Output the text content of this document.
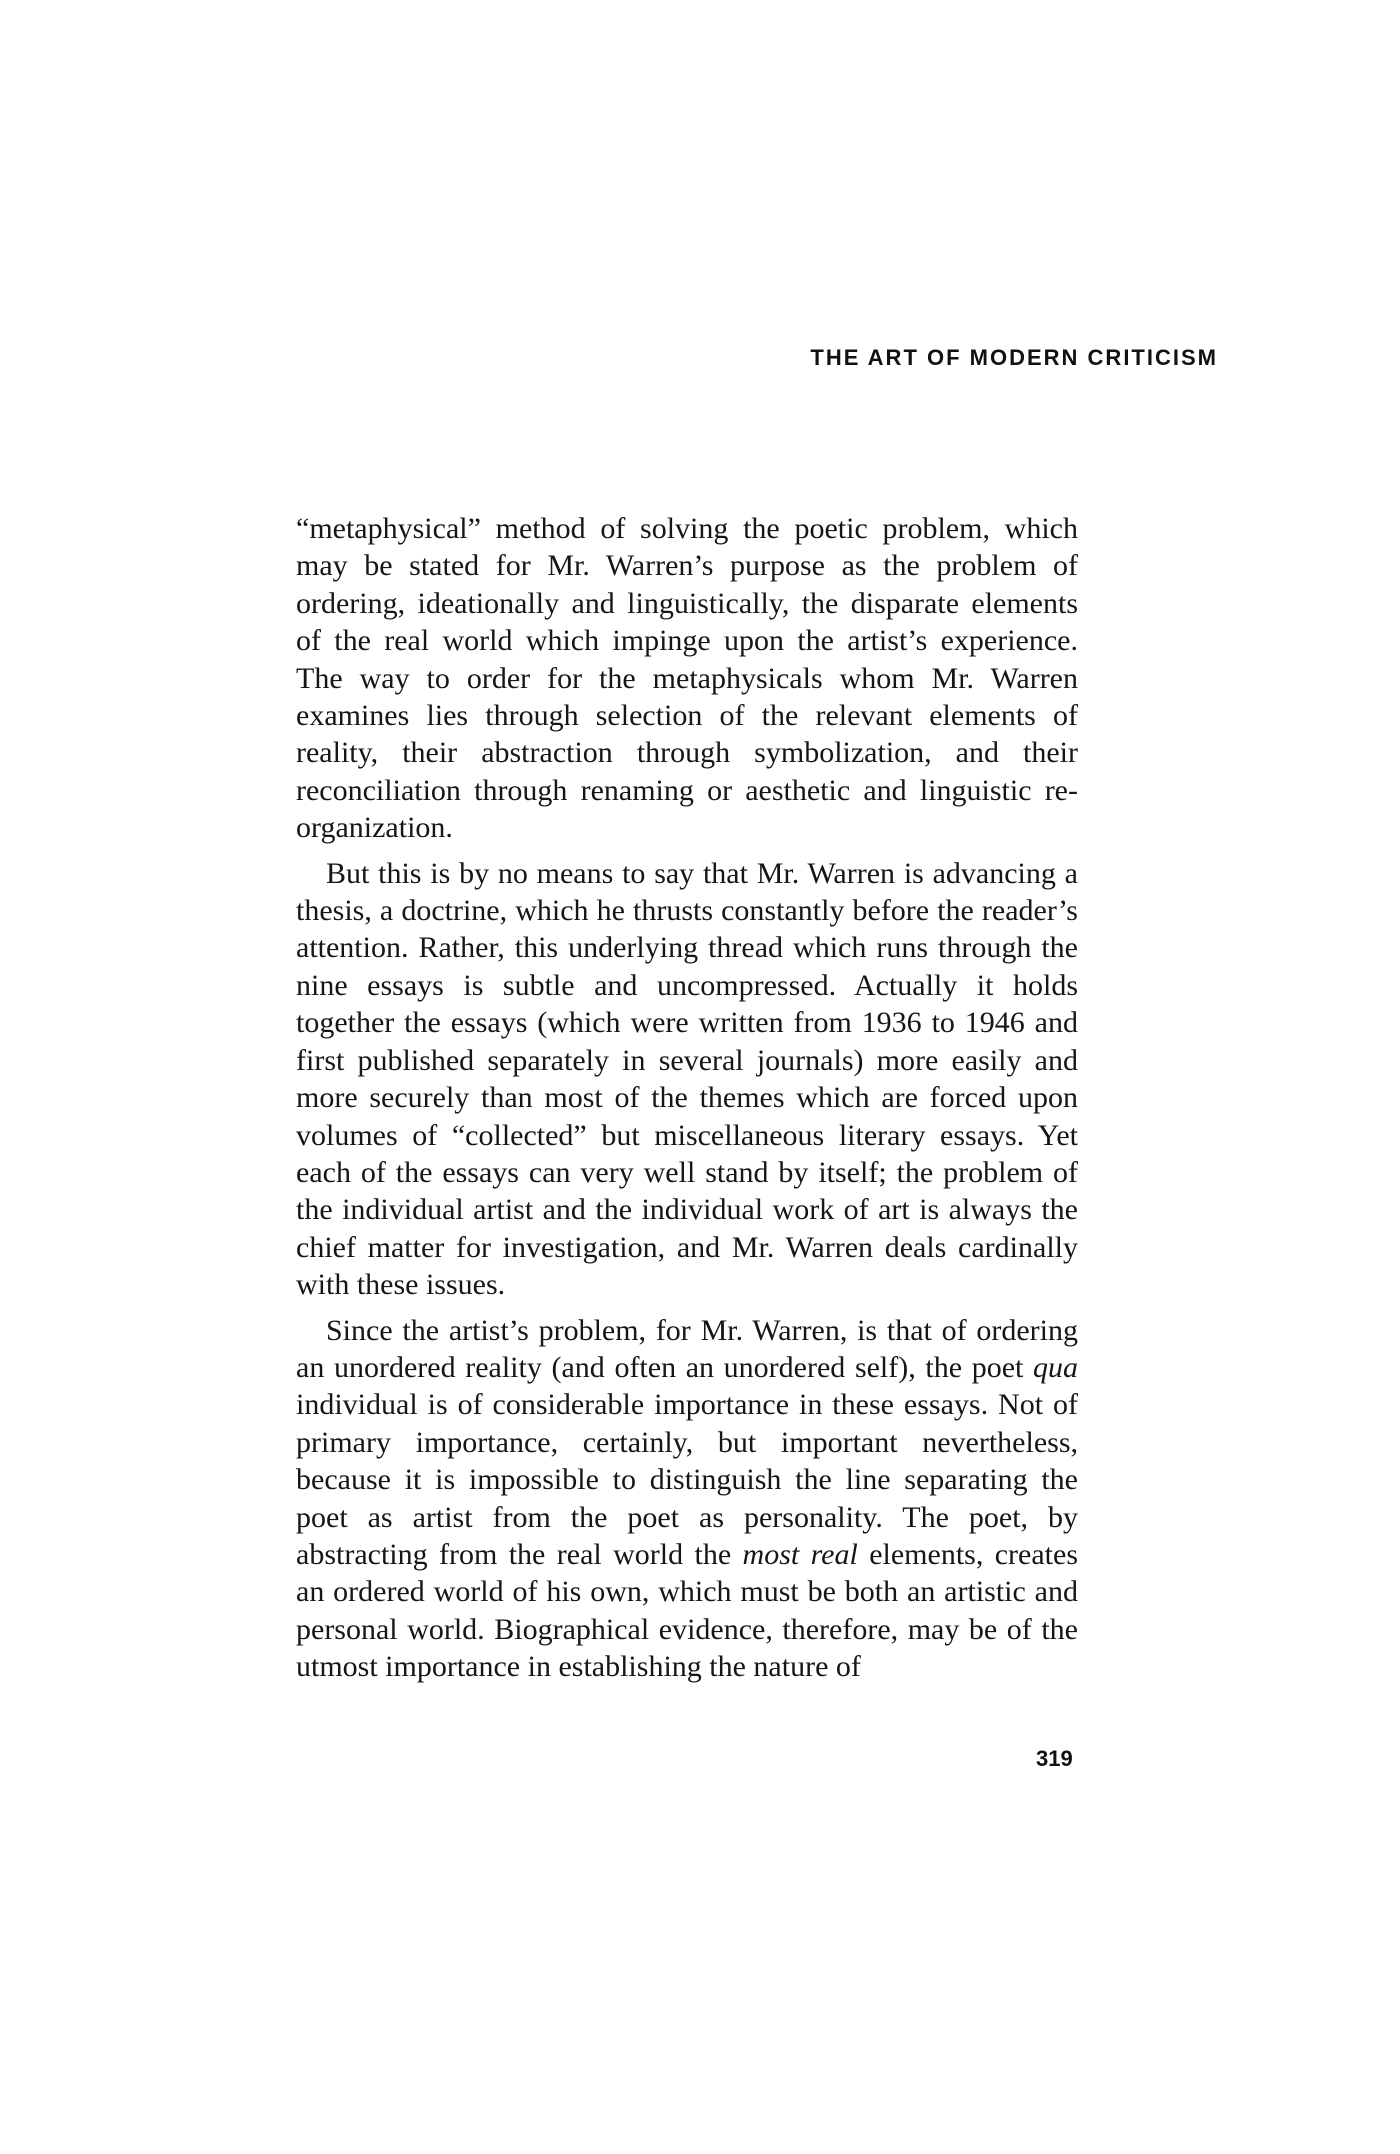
THE ART OF MODERN CRITICISM

“metaphysical” method of solving the poetic problem, which may be stated for Mr. Warren’s purpose as the problem of ordering, ideationally and linguistically, the disparate elements of the real world which impinge upon the artist’s experience. The way to order for the metaphysicals whom Mr. Warren examines lies through selection of the relevant elements of reality, their abstraction through symbolization, and their reconciliation through renaming or aesthetic and linguistic re-organization.

But this is by no means to say that Mr. Warren is advancing a thesis, a doctrine, which he thrusts constantly before the reader’s attention. Rather, this underlying thread which runs through the nine essays is subtle and uncompressed. Actually it holds together the essays (which were written from 1936 to 1946 and first published separately in several journals) more easily and more securely than most of the themes which are forced upon volumes of “collected” but miscellaneous literary essays. Yet each of the essays can very well stand by itself; the problem of the individual artist and the individual work of art is always the chief matter for investigation, and Mr. Warren deals cardinally with these issues.

Since the artist’s problem, for Mr. Warren, is that of ordering an unordered reality (and often an unordered self), the poet qua individual is of considerable importance in these essays. Not of primary importance, certainly, but important nevertheless, because it is impossible to distinguish the line separating the poet as artist from the poet as personality. The poet, by abstracting from the real world the most real elements, creates an ordered world of his own, which must be both an artistic and personal world. Biographical evidence, therefore, may be of the utmost importance in establishing the nature of

319
